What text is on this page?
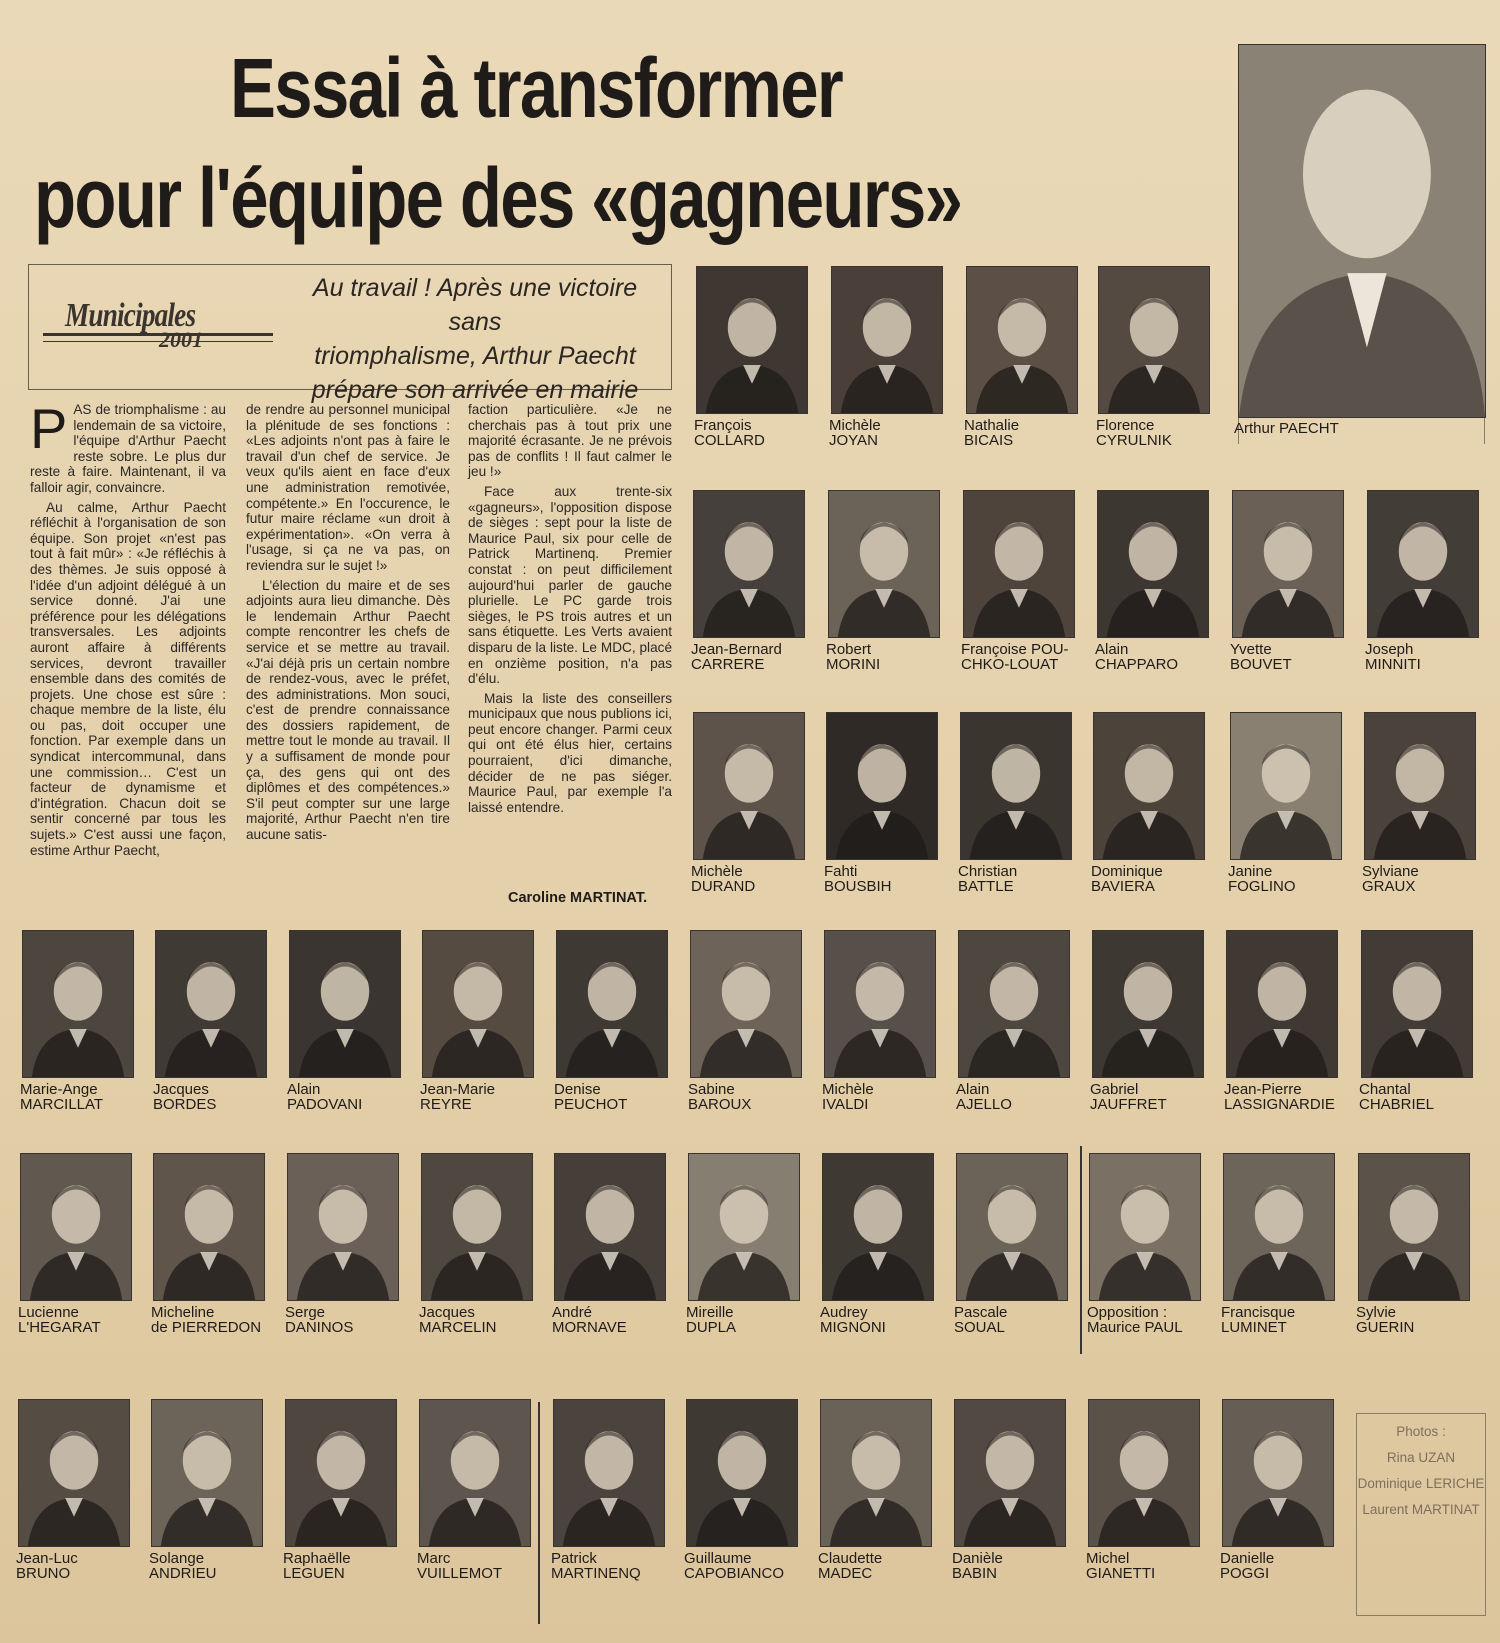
Essai à transformer
pour l'équipe des «gagneurs»
Municipales
2001
Au travail ! Après une victoire sans
triomphalisme, Arthur Paecht
prépare son arrivée en mairie

PAS de triomphalisme : au lendemain de sa victoire, l'équipe d'Arthur Paecht reste sobre. Le plus dur reste à faire. Maintenant, il va falloir agir, convaincre.

Au calme, Arthur Paecht réfléchit à l'organisation de son équipe. Son projet «n'est pas tout à fait mûr» : «Je réfléchis à des thèmes. Je suis opposé à l'idée d'un adjoint délégué à un service donné. J'ai une préférence pour les délégations transversales. Les adjoints auront affaire à différents services, devront travailler ensemble dans des comités de projets. Une chose est sûre : chaque membre de la liste, élu ou pas, doit occuper une fonction. Par exemple dans un syndicat intercommunal, dans une commission… C'est un facteur de dynamisme et d'intégration. Chacun doit se sentir concerné par tous les sujets.» C'est aussi une façon, estime Arthur Paecht,

de rendre au personnel municipal la plénitude de ses fonctions : «Les adjoints n'ont pas à faire le travail d'un chef de service. Je veux qu'ils aient en face d'eux une administration remotivée, compétente.» En l'occurence, le futur maire réclame «un droit à expérimentation». «On verra à l'usage, si ça ne va pas, on reviendra sur le sujet !»

L'élection du maire et de ses adjoints aura lieu dimanche. Dès le lendemain Arthur Paecht compte rencontrer les chefs de service et se mettre au travail. «J'ai déjà pris un certain nombre de rendez-vous, avec le préfet, des administrations. Mon souci, c'est de prendre connaissance des dossiers rapidement, de mettre tout le monde au travail. Il y a suffisament de monde pour ça, des gens qui ont des diplômes et des compétences.» S'il peut compter sur une large majorité, Arthur Paecht n'en tire aucune satis-

faction particulière. «Je ne cherchais pas à tout prix une majorité écrasante. Je ne prévois pas de conflits ! Il faut calmer le jeu !»

Face aux trente-six «gagneurs», l'opposition dispose de sièges : sept pour la liste de Maurice Paul, six pour celle de Patrick Martinenq. Premier constat : on peut difficilement aujourd'hui parler de gauche plurielle. Le PC garde trois sièges, le PS trois autres et un sans étiquette. Les Verts avaient disparu de la liste. Le MDC, placé en onzième position, n'a pas d'élu.

Mais la liste des conseillers municipaux que nous publions ici, peut encore changer. Parmi ceux qui ont été élus hier, certains pourraient, d'ici dimanche, décider de ne pas siéger. Maurice Paul, par exemple l'a laissé entendre.

Caroline MARTINAT.
Arthur PAECHT
François
COLLARD
Michèle
JOYAN
Nathalie
BICAIS
Florence
CYRULNIK
Jean-Bernard
CARRERE
Robert
MORINI
Françoise POU-
CHKO-LOUAT
Alain
CHAPPARO
Yvette
BOUVET
Joseph
MINNITI
Michèle
DURAND
Fahti
BOUSBIH
Christian
BATTLE
Dominique
BAVIERA
Janine
FOGLINO
Sylviane
GRAUX
Marie-Ange
MARCILLAT
Jacques
BORDES
Alain
PADOVANI
Jean-Marie
REYRE
Denise
PEUCHOT
Sabine
BAROUX
Michèle
IVALDI
Alain
AJELLO
Gabriel
JAUFFRET
Jean-Pierre
LASSIGNARDIE
Chantal
CHABRIEL
Lucienne
L'HEGARAT
Micheline
de PIERREDON
Serge
DANINOS
Jacques
MARCELIN
André
MORNAVE
Mireille
DUPLA
Audrey
MIGNONI
Pascale
SOUAL
Opposition :
Maurice PAUL
Francisque
LUMINET
Sylvie
GUERIN
Jean-Luc
BRUNO
Solange
ANDRIEU
Raphaëlle
LEGUEN
Marc
VUILLEMOT
Patrick
MARTINENQ
Guillaume
CAPOBIANCO
Claudette
MADEC
Danièle
BABIN
Michel
GIANETTI
Danielle
POGGI
Photos :
Rina UZAN
Dominique LERICHE
Laurent MARTINAT
